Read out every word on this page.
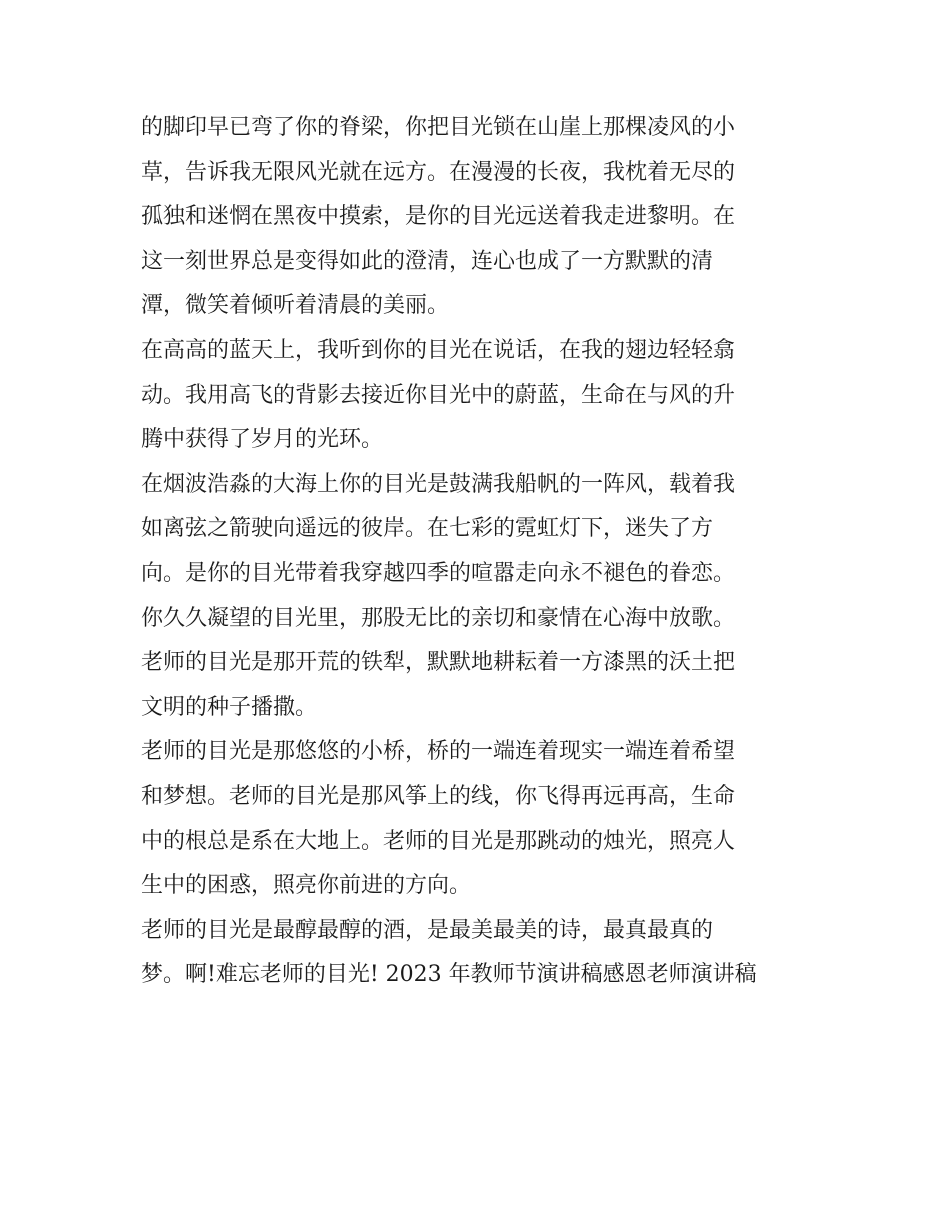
的脚印早已弯了你的脊梁，你把目光锁在山崖上那棵凌风的小
草，告诉我无限风光就在远方。在漫漫的长夜，我枕着无尽的
孤独和迷惘在黑夜中摸索，是你的目光远送着我走进黎明。在
这一刻世界总是变得如此的澄清，连心也成了一方默默的清
潭，微笑着倾听着清晨的美丽。

在高高的蓝天上，我听到你的目光在说话，在我的翅边轻轻翕
动。我用高飞的背影去接近你目光中的蔚蓝，生命在与风的升
腾中获得了岁月的光环。

在烟波浩淼的大海上你的目光是鼓满我船帆的一阵风，载着我
如离弦之箭驶向遥远的彼岸。在七彩的霓虹灯下，迷失了方
向。是你的目光带着我穿越四季的喧嚣走向永不褪色的眷恋。
你久久凝望的目光里，那股无比的亲切和豪情在心海中放歌。
老师的目光是那开荒的铁犁，默默地耕耘着一方漆黑的沃土把
文明的种子播撒。

老师的目光是那悠悠的小桥，桥的一端连着现实一端连着希望
和梦想。老师的目光是那风筝上的线，你飞得再远再高，生命
中的根总是系在大地上。老师的目光是那跳动的烛光，照亮人
生中的困惑，照亮你前进的方向。

老师的目光是最醇最醇的酒，是最美最美的诗，最真最真的
梦。啊!难忘老师的目光! 2023 年教师节演讲稿感恩老师演讲稿
